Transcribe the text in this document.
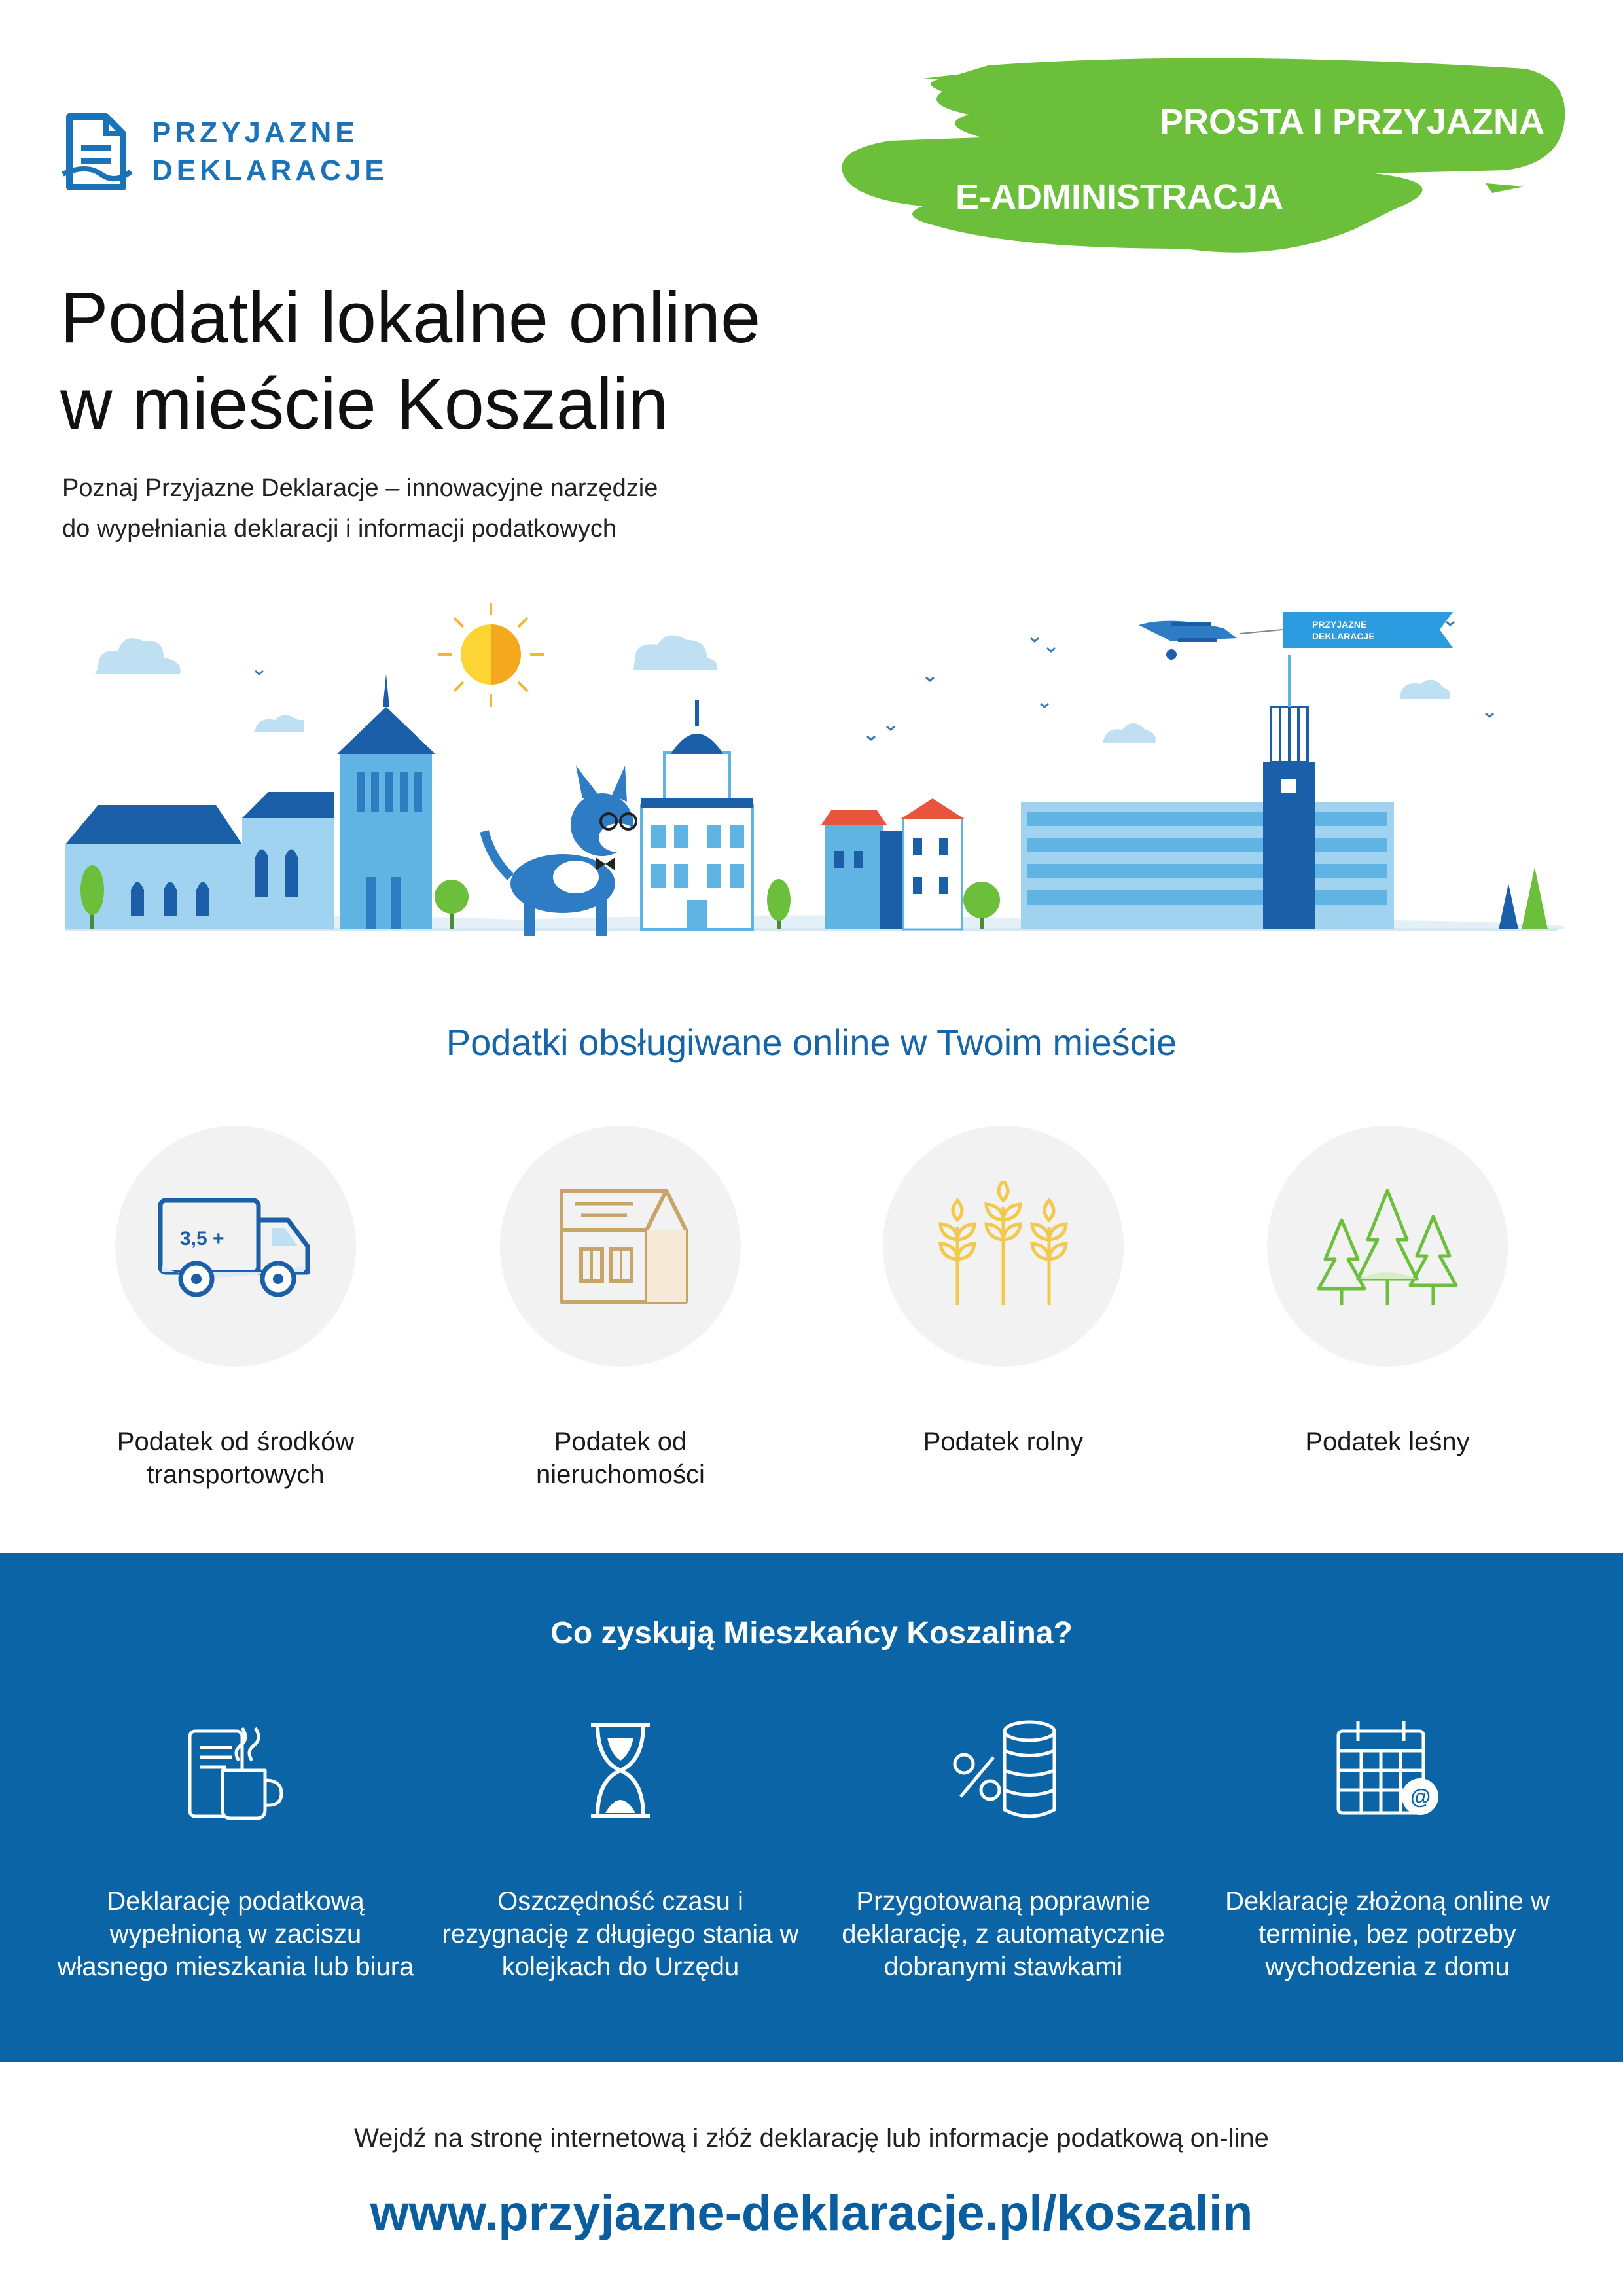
PRZYJAZNE
DEKLARACJE
PROSTA I PRZYJAZNA
E-ADMINISTRACJA
Podatki lokalne online
w mieście Koszalin
Poznaj Przyjazne Deklaracje – innowacyjne narzędzie
do wypełniania deklaracji i informacji podatkowych
PRZYJAZNE
DEKLARACJE
Podatki obsługiwane online w Twoim mieście
3,5 +
Podatek od środków transportowych
Podatek od nieruchomości
Podatek rolny	Podatek leśny
Co zyskują Mieszkańcy Koszalina?
Deklarację podatkową wypełnioną w zaciszu własnego mieszkania lub biura
Oszczędność czasu i rezygnację z długiego stania w kolejkach do Urzędu
Przygotowaną poprawnie deklarację, z automatycznie dobranymi stawkami
@
Deklarację złożoną online w terminie, bez potrzeby wychodzenia z domu
Wejdź na stronę internetową i złóż deklarację lub informacje podatkową on-line
www.przyjazne-deklaracje.pl/koszalin
